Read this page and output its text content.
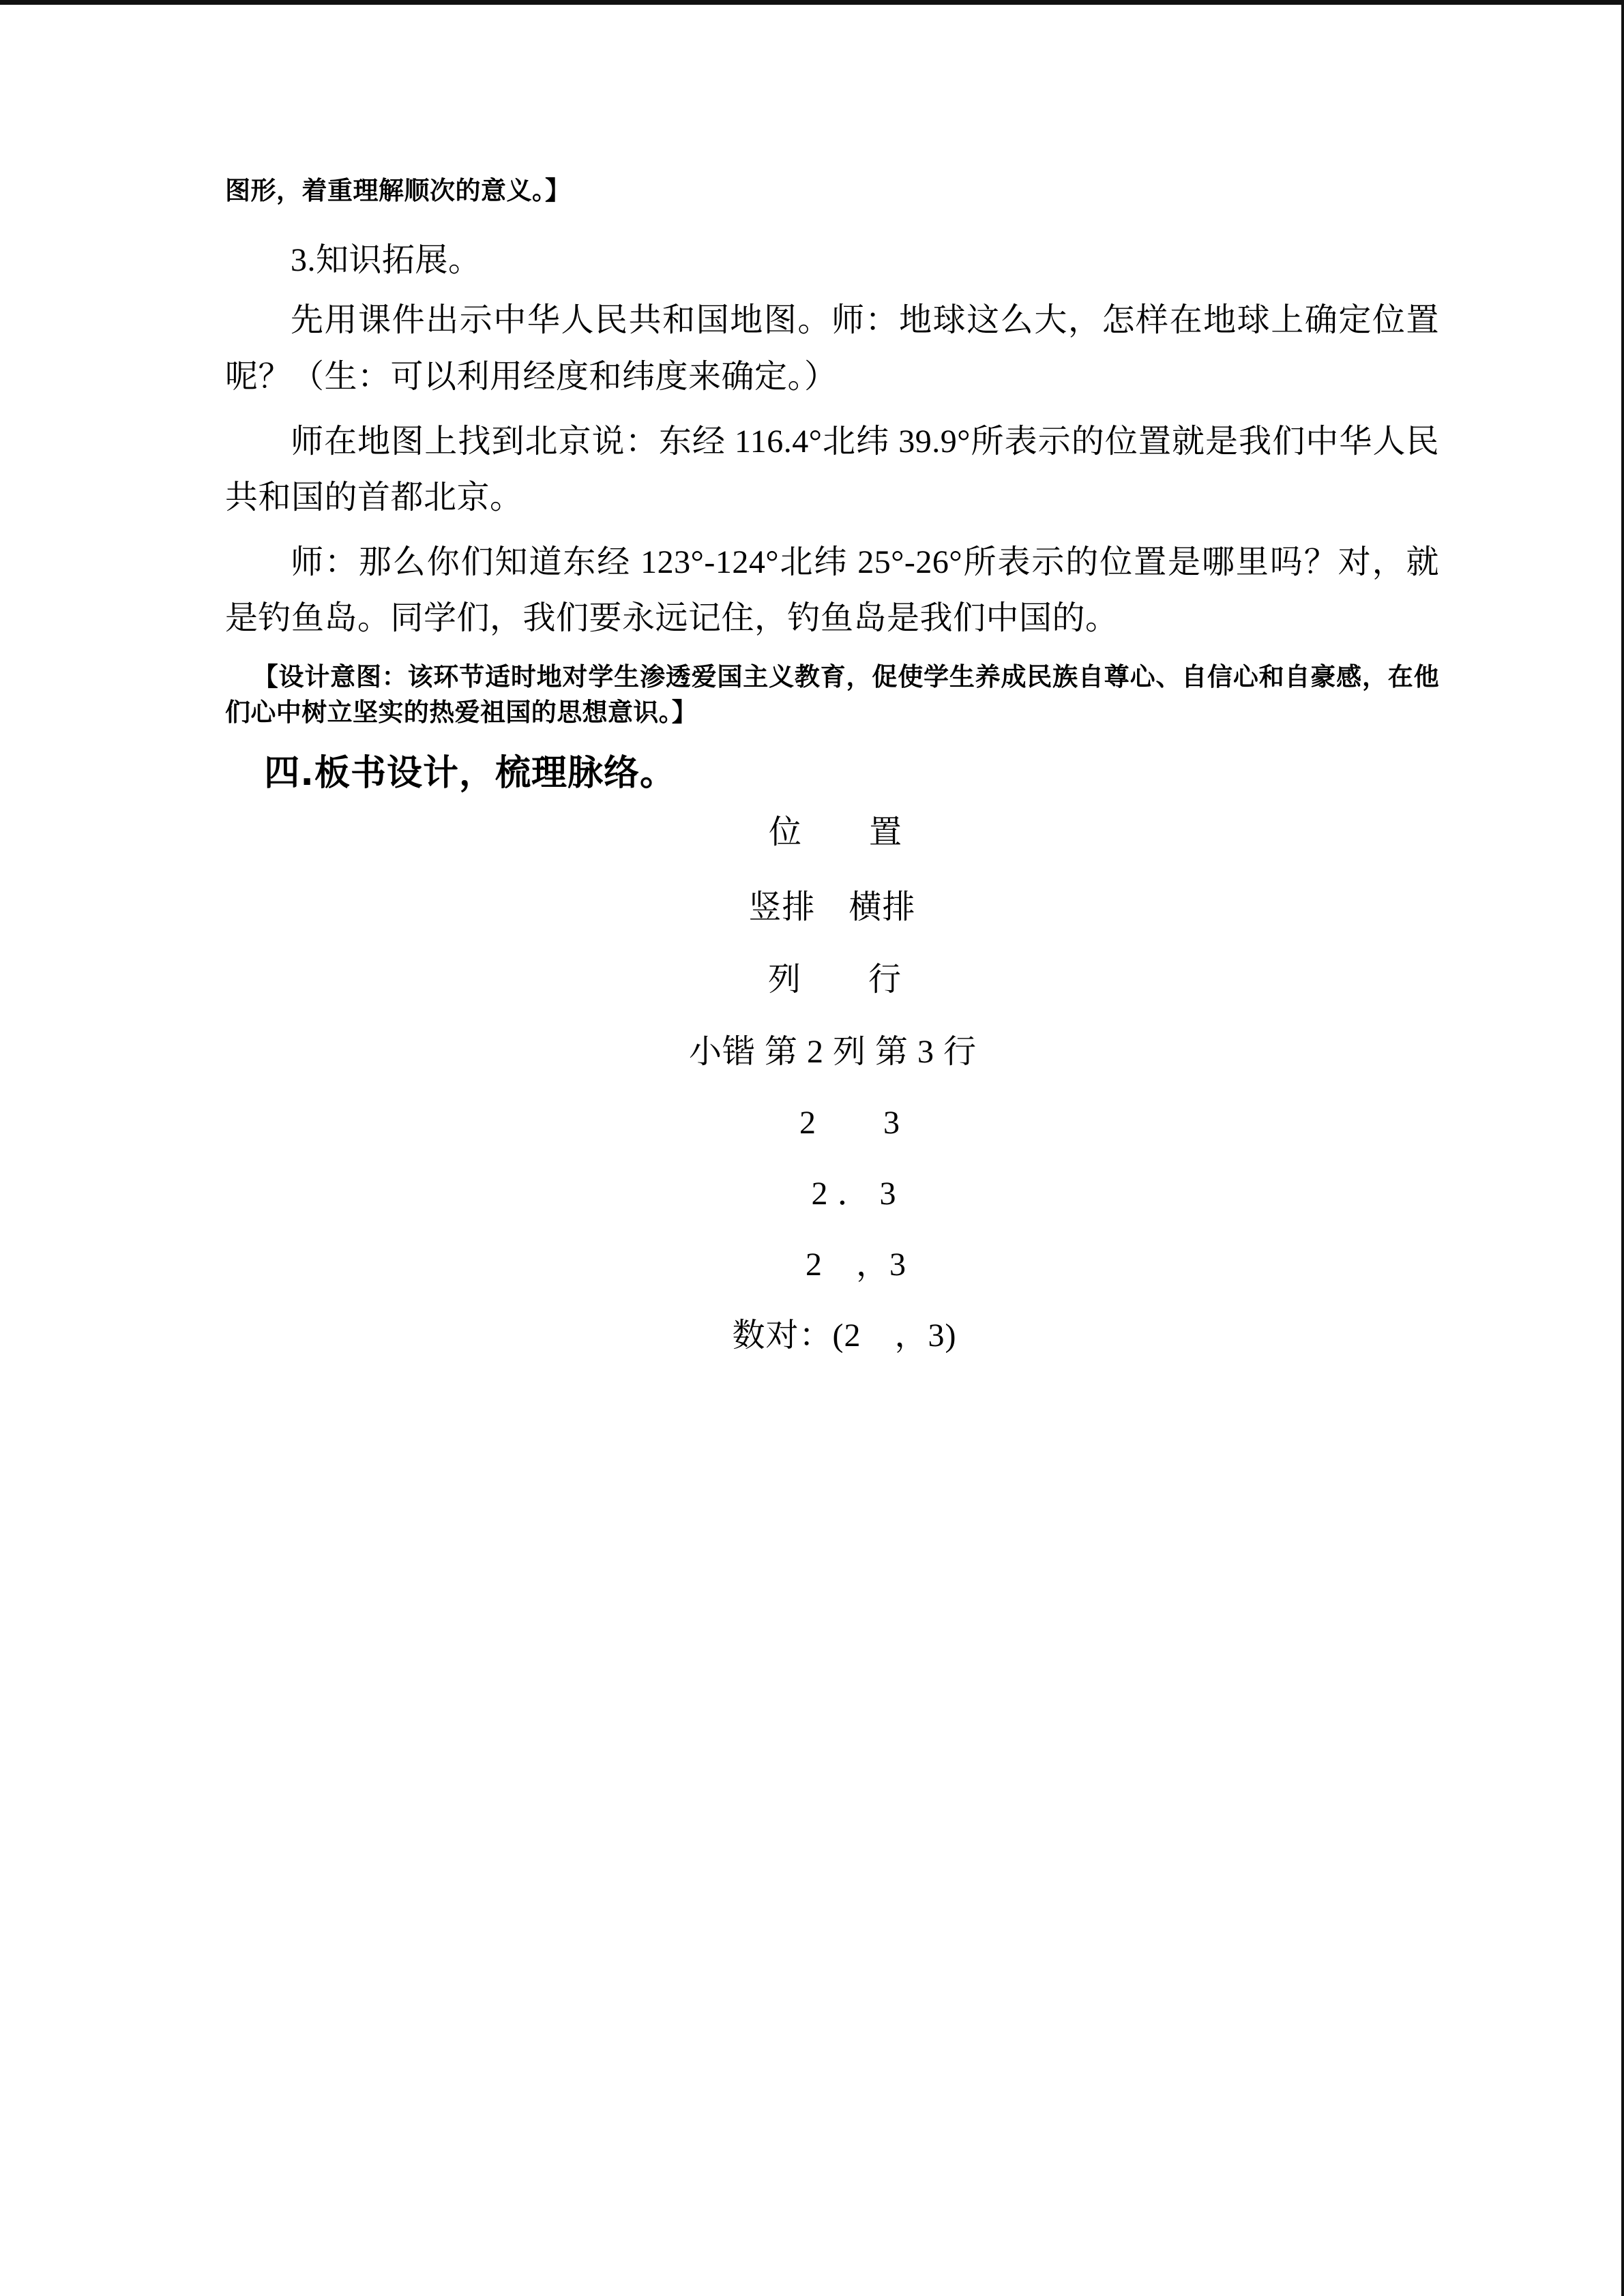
图形，着重理解顺次的意义。】

3.知识拓展。

先用课件出示中华人民共和国地图。师：地球这么大，怎样在地球上确定位置呢？（生：可以利用经度和纬度来确定。）

师在地图上找到北京说：东经 116.4°北纬 39.9°所表示的位置就是我们中华人民共和国的首都北京。

师：那么你们知道东经 123°-124°北纬 25°-26°所表示的位置是哪里吗？对，就是钓鱼岛。同学们，我们要永远记住，钓鱼岛是我们中国的。

【设计意图：该环节适时地对学生渗透爱国主义教育，促使学生养成民族自尊心、自信心和自豪感，在他们心中树立坚实的热爱祖国的思想意识。】

四.板书设计，梳理脉络。

位　　置
竖排　横排
列　　行
小锴 第 2 列 第 3 行
2　　3
2 ． 3
2　，3
数对：(2　，3)
